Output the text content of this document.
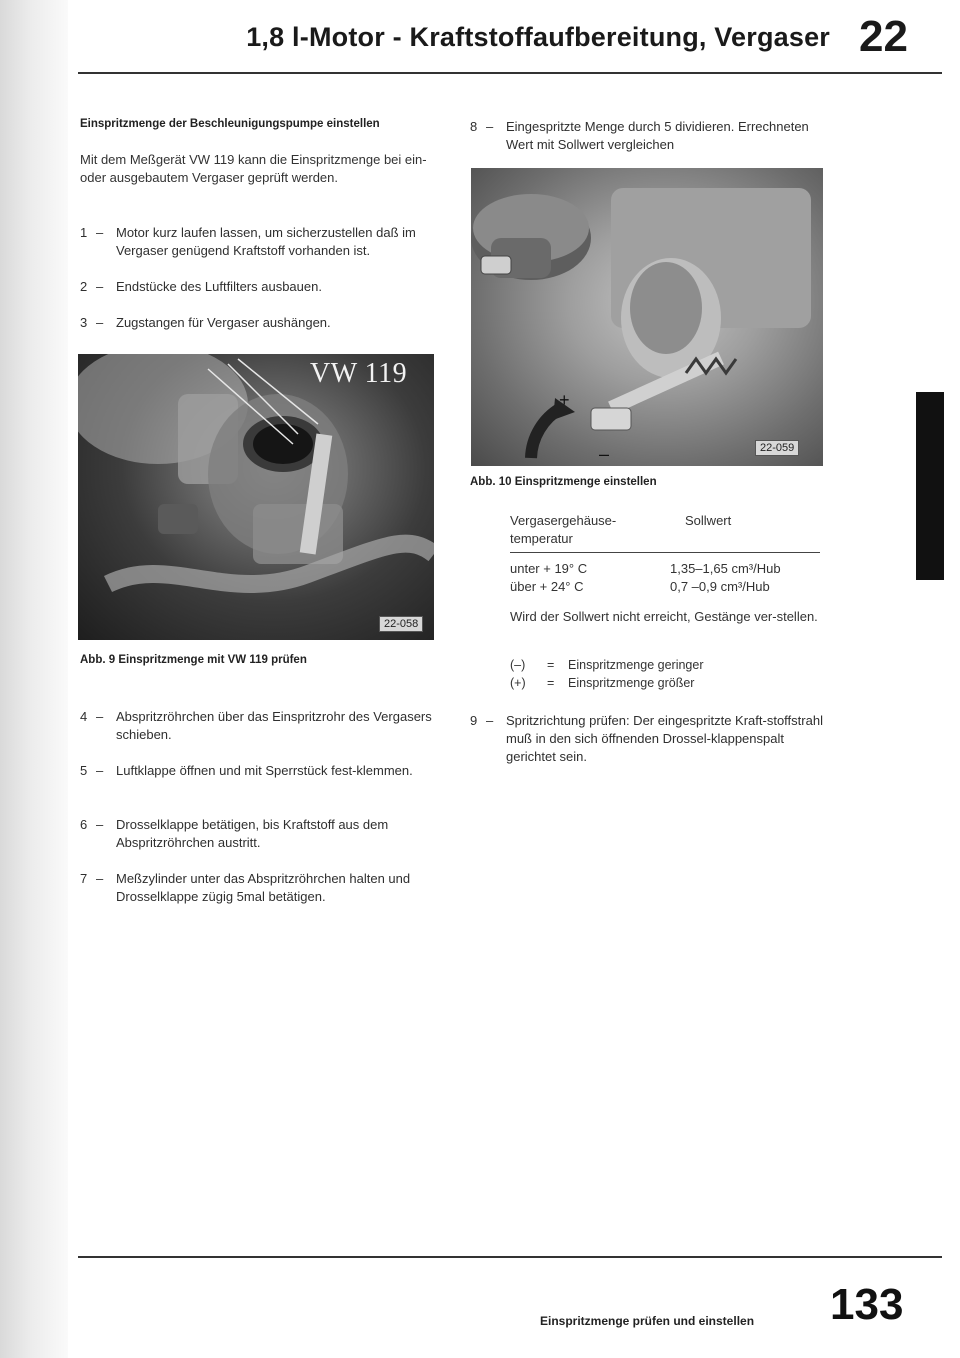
1,8 l-Motor - Kraftstoffaufbereitung, Vergaser 22
Einspritzmenge der Beschleunigungspumpe einstellen
Mit dem Meßgerät VW 119 kann die Einspritzmenge bei ein- oder ausgebautem Vergaser geprüft werden.
1 – Motor kurz laufen lassen, um sicherzustellen daß im Vergaser genügend Kraftstoff vorhanden ist.
2 – Endstücke des Luftfilters ausbauen.
3 – Zugstangen für Vergaser aushängen.
VW 119
22-058
Abb. 9 Einspritzmenge mit VW 119 prüfen
4 – Abspritzröhrchen über das Einspritzrohr des Vergasers schieben.
5 – Luftklappe öffnen und mit Sperrstück fest-klemmen.
6 – Drosselklappe betätigen, bis Kraftstoff aus dem Abspritzröhrchen austritt.
7 – Meßzylinder unter das Abspritzröhrchen halten und Drosselklappe zügig 5mal betätigen.
8 – Eingespritzte Menge durch 5 dividieren. Errechneten Wert mit Sollwert vergleichen
+
–	22-059
Abb. 10 Einspritzmenge einstellen
Vergasergehäuse-
temperatur
Sollwert
unter + 19° C	1,35–1,65 cm³/Hub
über + 24° C	0,7 –0,9 cm³/Hub
Wird der Sollwert nicht erreicht, Gestänge ver-stellen.
(–) = Einspritzmenge geringer
(+) = Einspritzmenge größer
9 – Spritzrichtung prüfen: Der eingespritzte Kraft-stoffstrahl muß in den sich öffnenden Drossel-klappenspalt gerichtet sein.
Einspritzmenge prüfen und einstellen 133
